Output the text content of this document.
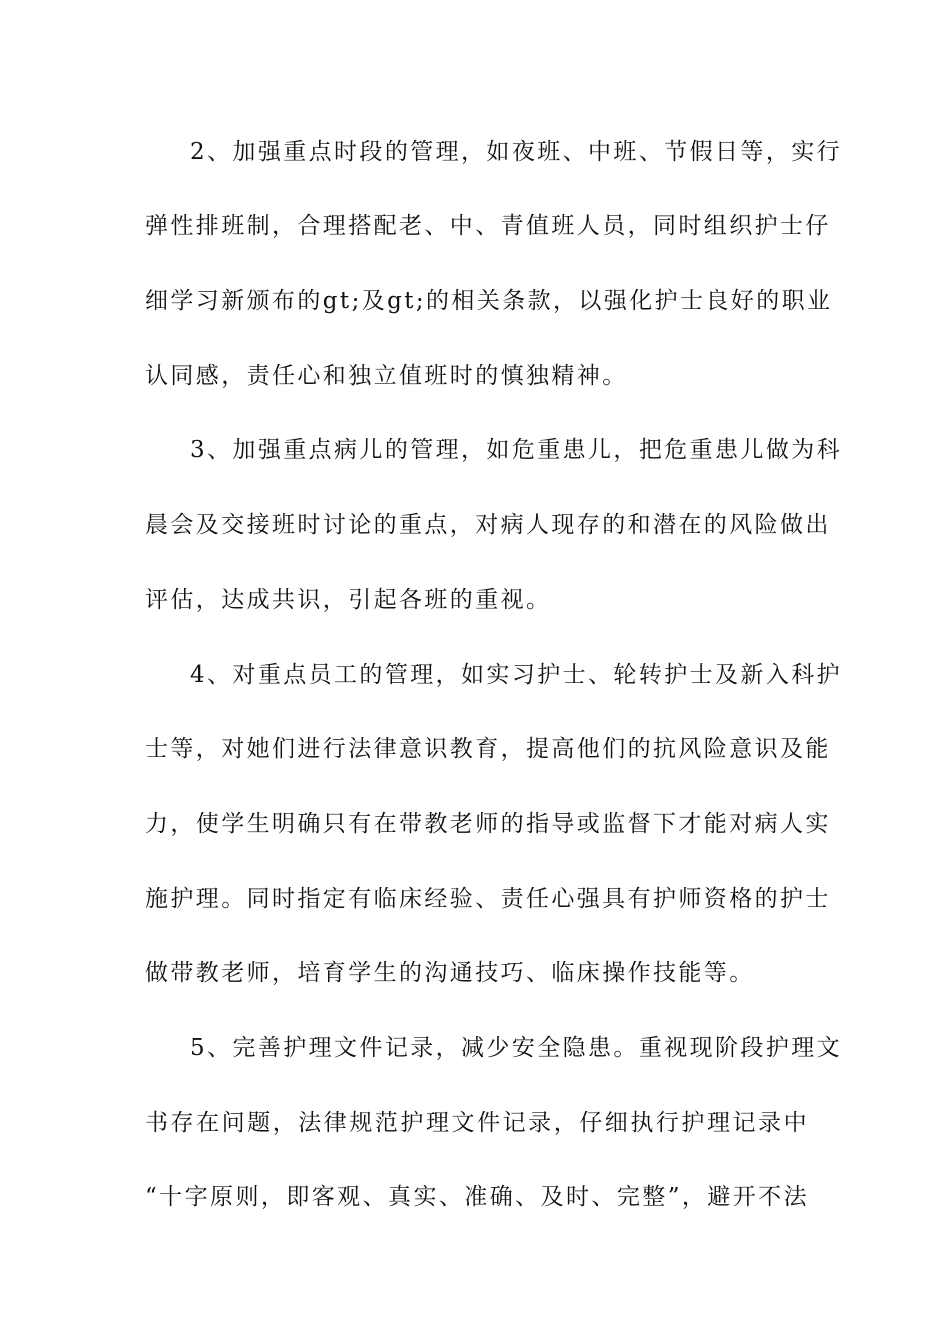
2、加强重点时段的管理，如夜班、中班、节假日等，实行
弹性排班制，合理搭配老、中、青值班人员，同时组织护士仔
细学习新颁布的gt;及gt;的相关条款，以强化护士良好的职业
认同感，责任心和独立值班时的慎独精神。
3、加强重点病儿的管理，如危重患儿，把危重患儿做为科
晨会及交接班时讨论的重点，对病人现存的和潜在的风险做出
评估，达成共识，引起各班的重视。
4、对重点员工的管理，如实习护士、轮转护士及新入科护
士等，对她们进行法律意识教育，提高他们的抗风险意识及能
力，使学生明确只有在带教老师的指导或监督下才能对病人实
施护理。同时指定有临床经验、责任心强具有护师资格的护士
做带教老师，培育学生的沟通技巧、临床操作技能等。
5、完善护理文件记录，减少安全隐患。重视现阶段护理文
书存在问题，法律规范护理文件记录，仔细执行护理记录中
“十字原则，即客观、真实、准确、及时、完整”，避开不法
